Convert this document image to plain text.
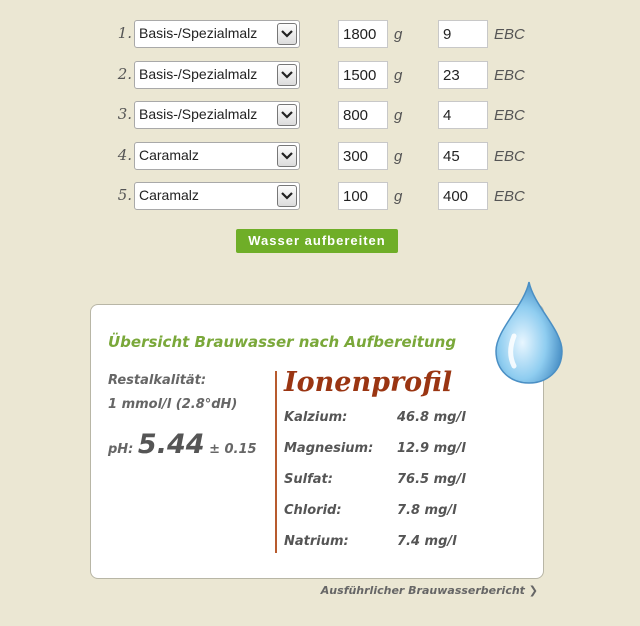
1. Basis-/Spezialmalz	1800	g	9	EBC
2. Basis-/Spezialmalz	1500	g	23	EBC
3. Basis-/Spezialmalz	800	g	4	EBC
4. Caramalz	300	g	45	EBC
5. Caramalz	100	g	400	EBC
Wasser aufbereiten
Übersicht Brauwasser nach Aufbereitung
Restalkalität:
1 mmol/l (2.8°dH)
pH: 5.44 ± 0.15
Ionenprofil
Kalzium:	46.8 mg/l
Magnesium: 12.9 mg/l
Sulfat:	76.5 mg/l
Chlorid:	7.8 mg/l
Natrium:	7.4 mg/l
Ausführlicher Brauwasserbericht ❯
